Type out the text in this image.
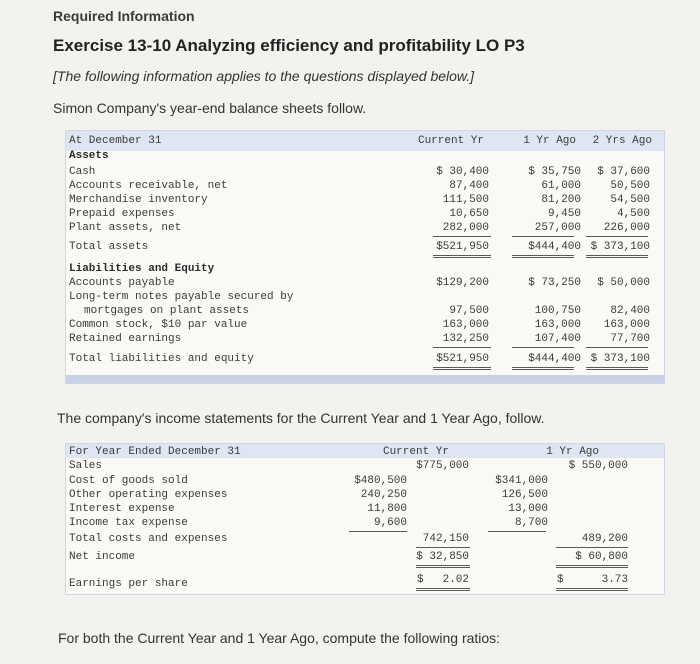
Required Information
Exercise 13-10 Analyzing efficiency and profitability LO P3
[The following information applies to the questions displayed below.]
Simon Company's year-end balance sheets follow.
At December 31	Current Yr	1 Yr Ago 2 Yrs Ago
Assets
Cash	$ 30,400	$ 35,750 $ 37,600
Accounts receivable, net	87,400	61,000	50,500
Merchandise inventory	111,500	81,200	54,500
Prepaid expenses	10,650	9,450	4,500
Plant assets, net	282,000	257,000 226,000
Total assets	$521,950	$444,400 $ 373,100
Liabilities and Equity
Accounts payable	$129,200	$ 73,250 $ 50,000
Long-term notes payable secured by
mortgages on plant assets	97,500	100,750	82,400
Common stock, $10 par value	163,000	163,000 163,000
Retained earnings	132,250	107,400	77,700
Total liabilities and equity	$521,950	$444,400 $ 373,100
The company's income statements for the Current Year and 1 Year Ago, follow.
For Year Ended December 31	Current Yr	1 Yr Ago
Sales	$775,000	$ 550,000
Cost of goods sold	$480,500	$341,000
Other operating expenses	240,250	126,500
Interest expense	11,800	13,000
Income tax expense	9,600	8,700
Total costs and expenses	742,150	489,200
Net income	$ 32,850	$ 60,800
Earnings per share	$ 2.02	$	3.73
For both the Current Year and 1 Year Ago, compute the following ratios:
